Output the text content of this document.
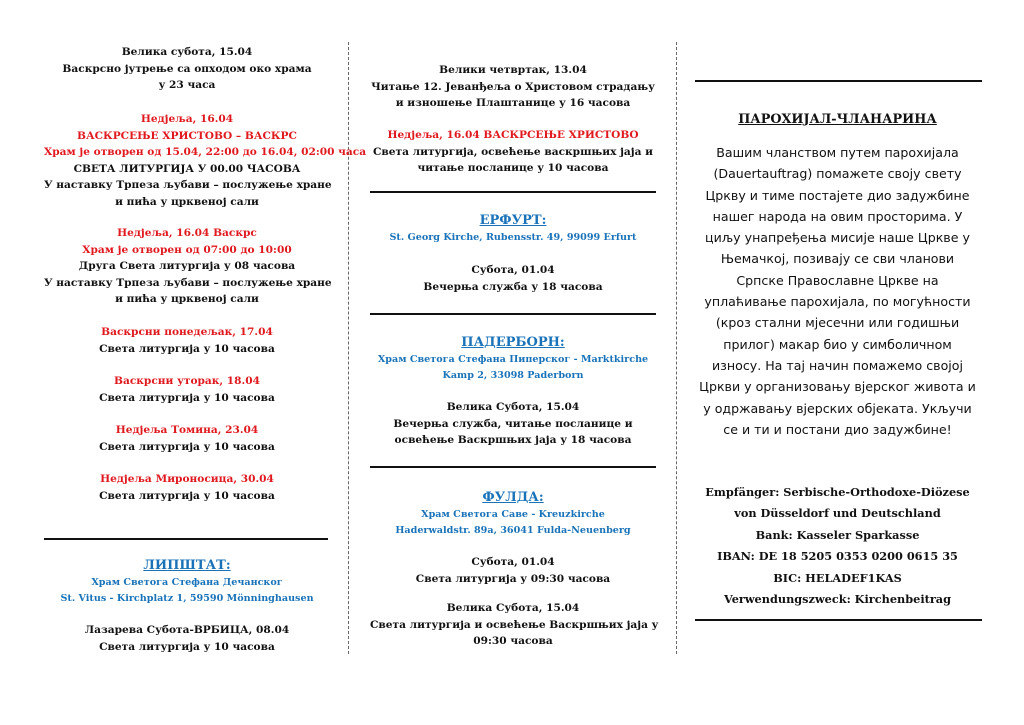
Велика субота, 15.04
Васкрсно јутрење са опходом око храма
у 23 часа
Недјеља, 16.04
ВАСКРСЕЊЕ ХРИСТОВО – ВАСКРС
Храм је отворен од 15.04, 22:00 до 16.04, 02:00 часа
СВЕТА ЛИТУРГИЈА У 00.00 ЧАСОВА
У наставку Трпеза љубави – послужење хране
и пића у црквеној сали
Недјеља, 16.04 Васкрс
Храм је отворен од 07:00 до 10:00
Друга Света литургија у 08 часова
У наставку Трпеза љубави – послужење хране
и пића у црквеној сали
Васкрсни понедељак, 17.04
Света литургија у 10 часова
Васкрсни уторак, 18.04
Света литургија у 10 часова
Недјеља Томина, 23.04
Света литургија у 10 часова
Недјеља Мироносица, 30.04
Света литургија у 10 часова
ЛИПШТАТ:
Храм Светога Стефана Дечанског
St. Vitus - Kirchplatz 1, 59590 Mönninghausen
Лазарева Субота-ВРБИЦА, 08.04
Света литургија у 10 часова
Велики четвртак, 13.04
Читање 12. Јеванђеља о Христовом страдању
и изношење Плаштанице у 16 часова
Недјеља, 16.04 ВАСКРСЕЊЕ ХРИСТОВО
Света литургија, освећење васкршњих јаја и
читање посланице у 10 часова
ЕРФУРТ:
St. Georg Kirche, Rubensstr. 49, 99099 Erfurt
Субота, 01.04
Вечерња служба у 18 часова
ПАДЕРБОРН:
Храм Светога Стефана Пиперског - Marktkirche
Kamp 2, 33098 Paderborn
Велика Субота, 15.04
Вечерња служба, читање посланице и
освећење Васкршњих јаја у 18 часова
ФУЛДА:
Храм Светога Саве - Kreuzkirche
Haderwaldstr. 89a, 36041 Fulda-Neuenberg
Субота, 01.04
Света литургија у 09:30 часова
Велика Субота, 15.04
Света литургија и освећење Васкршњих јаја у
09:30 часова
ПАРОХИЈАЛ-ЧЛАНАРИНА
Вашим чланством путем парохијала
(Dauertauftrag) помажете своју свету
Цркву и тиме постајете дио задужбине
нашег народа на овим просторима. У
циљу унапређења мисије наше Цркве у
Њемачкој, позивају се сви чланови
Српске Православне Цркве на
уплаћивање парохијала, по могућности
(кроз стални мјесечни или годишњи
прилог) макар био у симболичном
износу. На тај начин помажемо својој
Цркви у организовању вјерског живота и
у одржавању вјерских објеката. Укључи
се и ти и постани дио задужбине!
Empfänger: Serbische-Orthodoxe-Diözese
von Düsseldorf und Deutschland
Bank: Kasseler Sparkasse
IBAN: DE 18 5205 0353 0200 0615 35
BIC: HELADEF1KAS
Verwendungszweck: Kirchenbeitrag
